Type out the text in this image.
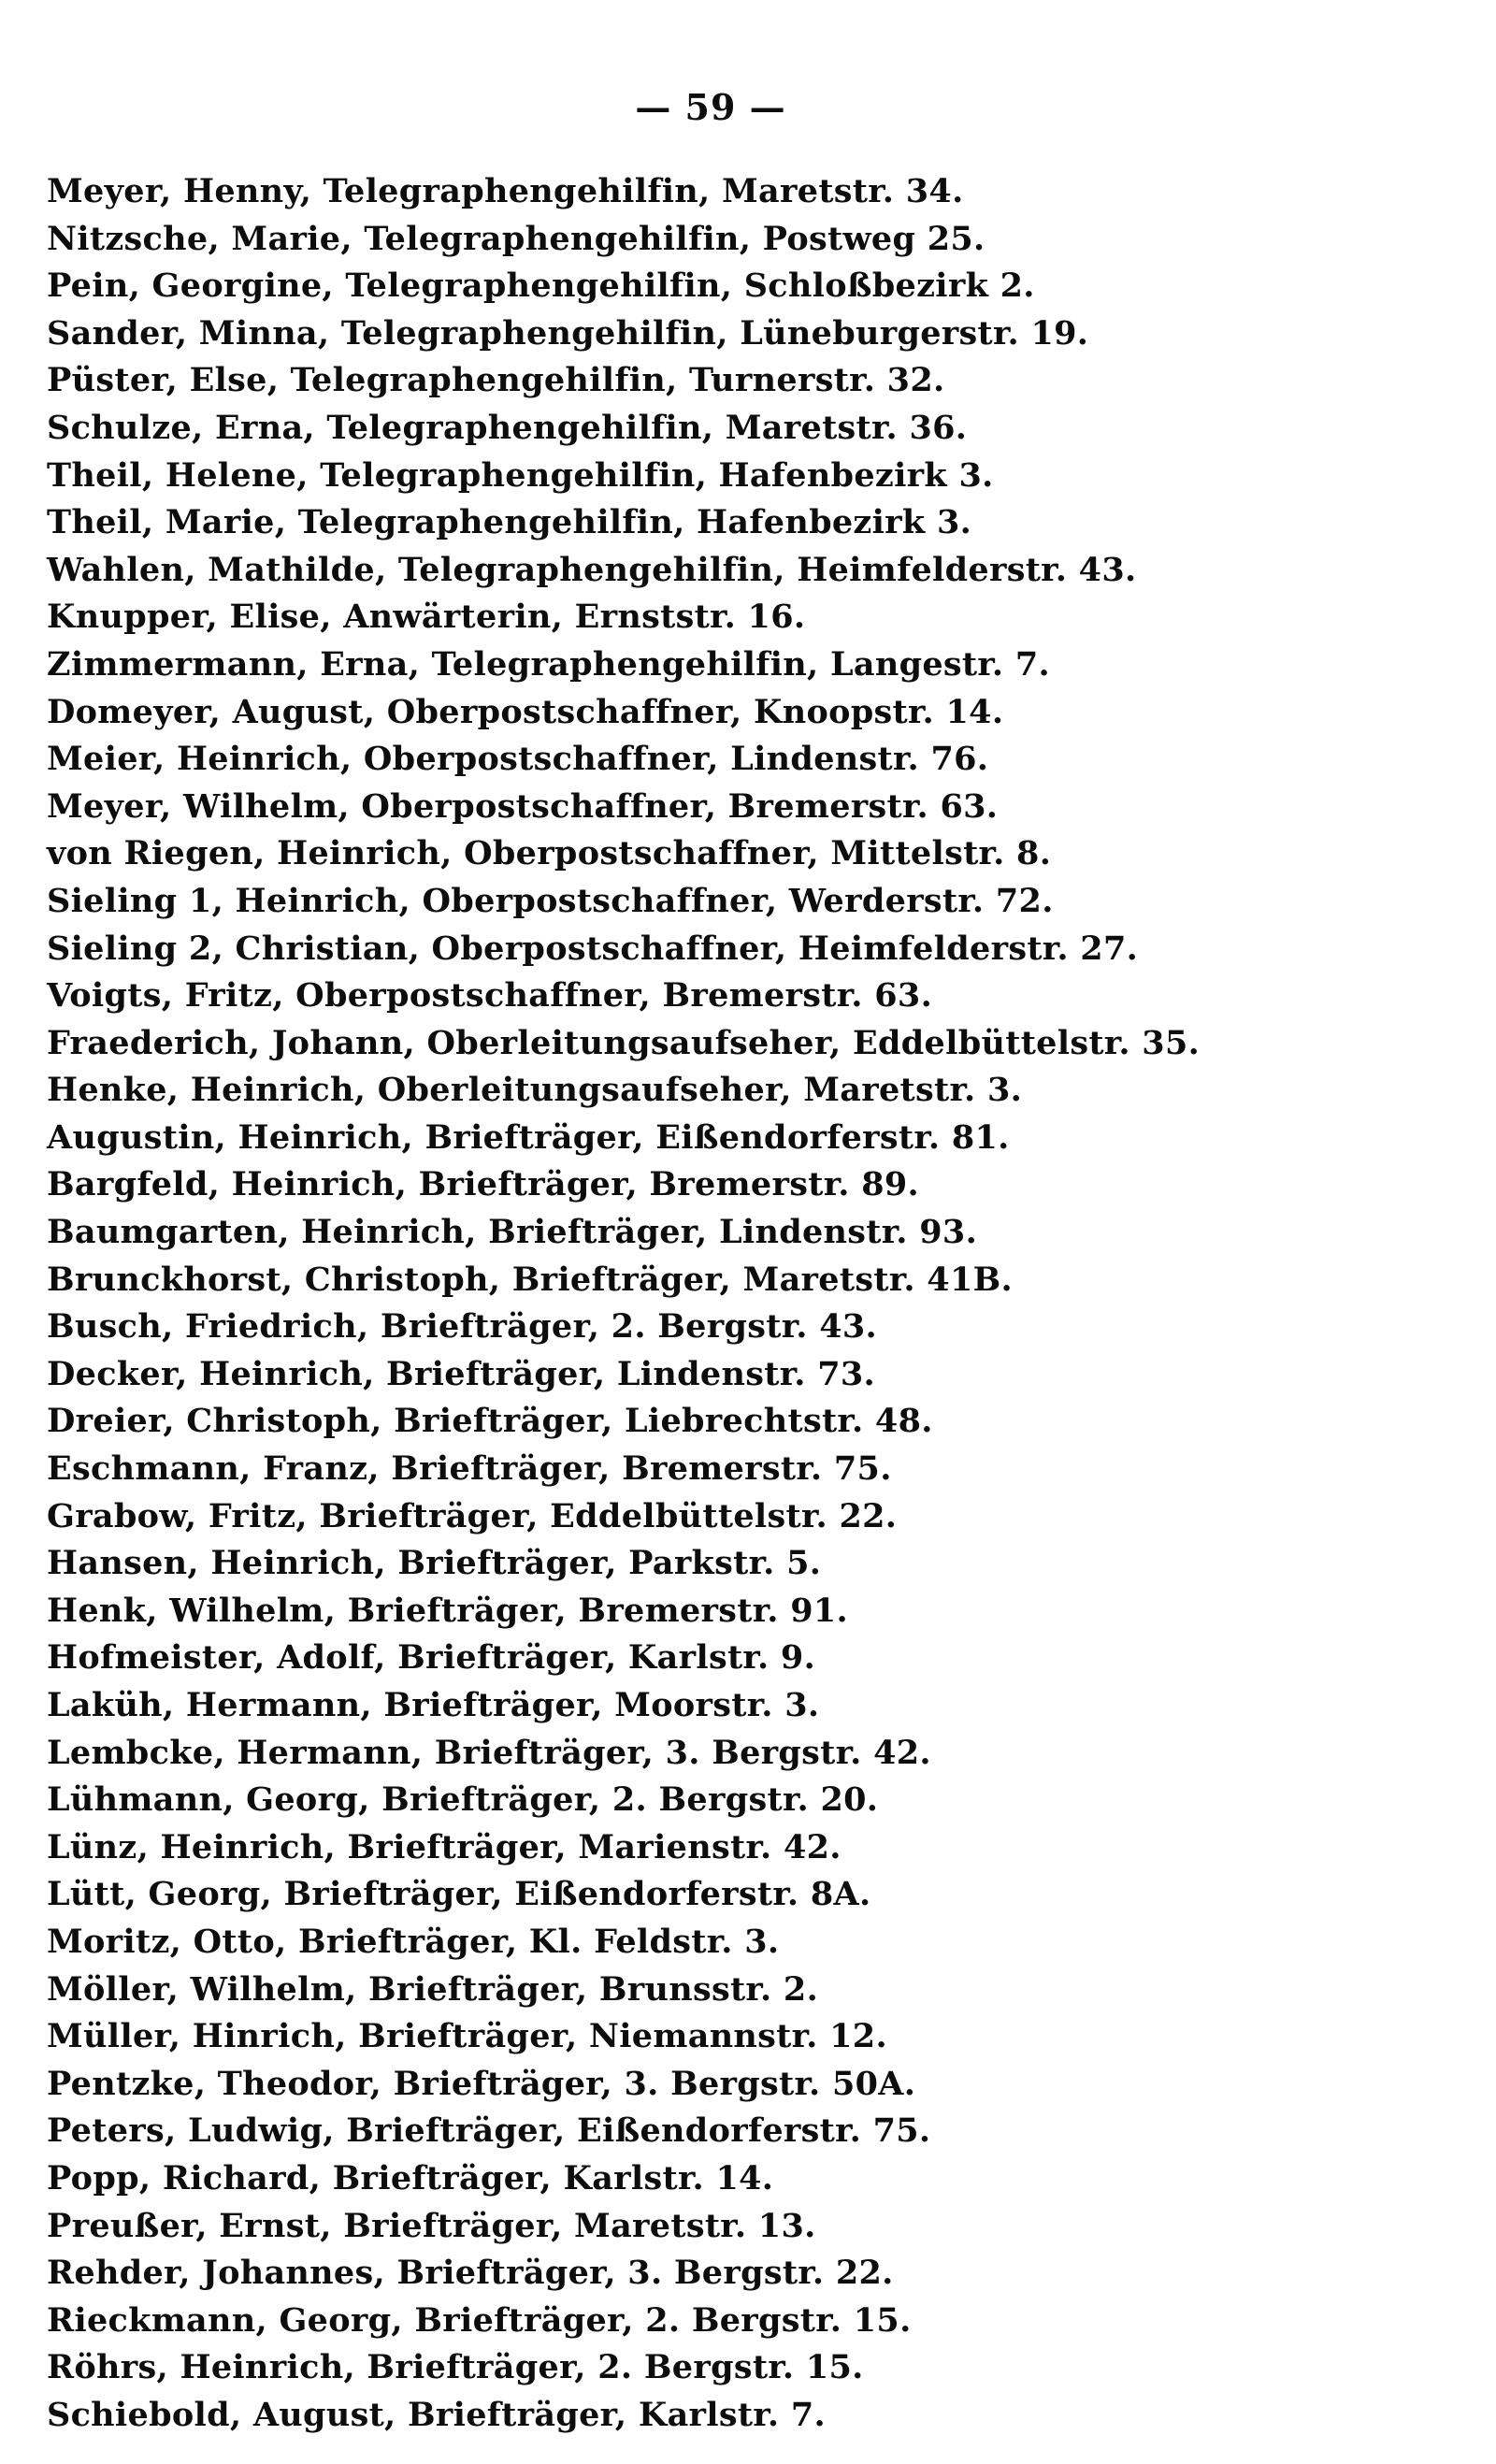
— 59 —
Meyer, Henny, Telegraphengehilfin, Maretstr. 34.
Nitzsche, Marie, Telegraphengehilfin, Postweg 25.
Pein, Georgine, Telegraphengehilfin, Schloßbezirk 2.
Sander, Minna, Telegraphengehilfin, Lüneburgerstr. 19.
Püster, Else, Telegraphengehilfin, Turnerstr. 32.
Schulze, Erna, Telegraphengehilfin, Maretstr. 36.
Theil, Helene, Telegraphengehilfin, Hafenbezirk 3.
Theil, Marie, Telegraphengehilfin, Hafenbezirk 3.
Wahlen, Mathilde, Telegraphengehilfin, Heimfelderstr. 43.
Knupper, Elise, Anwärterin, Ernststr. 16.
Zimmermann, Erna, Telegraphengehilfin, Langestr. 7.
Domeyer, August, Oberpostschaffner, Knoopstr. 14.
Meier, Heinrich, Oberpostschaffner, Lindenstr. 76.
Meyer, Wilhelm, Oberpostschaffner, Bremerstr. 63.
von Riegen, Heinrich, Oberpostschaffner, Mittelstr. 8.
Sieling 1, Heinrich, Oberpostschaffner, Werderstr. 72.
Sieling 2, Christian, Oberpostschaffner, Heimfelderstr. 27.
Voigts, Fritz, Oberpostschaffner, Bremerstr. 63.
Fraederich, Johann, Oberleitungsaufseher, Eddelbüttelstr. 35.
Henke, Heinrich, Oberleitungsaufseher, Maretstr. 3.
Augustin, Heinrich, Briefträger, Eißendorferstr. 81.
Bargfeld, Heinrich, Briefträger, Bremerstr. 89.
Baumgarten, Heinrich, Briefträger, Lindenstr. 93.
Brunckhorst, Christoph, Briefträger, Maretstr. 41B.
Busch, Friedrich, Briefträger, 2. Bergstr. 43.
Decker, Heinrich, Briefträger, Lindenstr. 73.
Dreier, Christoph, Briefträger, Liebrechtstr. 48.
Eschmann, Franz, Briefträger, Bremerstr. 75.
Grabow, Fritz, Briefträger, Eddelbüttelstr. 22.
Hansen, Heinrich, Briefträger, Parkstr. 5.
Henk, Wilhelm, Briefträger, Bremerstr. 91.
Hofmeister, Adolf, Briefträger, Karlstr. 9.
Laküh, Hermann, Briefträger, Moorstr. 3.
Lembcke, Hermann, Briefträger, 3. Bergstr. 42.
Lühmann, Georg, Briefträger, 2. Bergstr. 20.
Lünz, Heinrich, Briefträger, Marienstr. 42.
Lütt, Georg, Briefträger, Eißendorferstr. 8A.
Moritz, Otto, Briefträger, Kl. Feldstr. 3.
Möller, Wilhelm, Briefträger, Brunsstr. 2.
Müller, Hinrich, Briefträger, Niemannstr. 12.
Pentzke, Theodor, Briefträger, 3. Bergstr. 50A.
Peters, Ludwig, Briefträger, Eißendorferstr. 75.
Popp, Richard, Briefträger, Karlstr. 14.
Preußer, Ernst, Briefträger, Maretstr. 13.
Rehder, Johannes, Briefträger, 3. Bergstr. 22.
Rieckmann, Georg, Briefträger, 2. Bergstr. 15.
Röhrs, Heinrich, Briefträger, 2. Bergstr. 15.
Schiebold, August, Briefträger, Karlstr. 7.
